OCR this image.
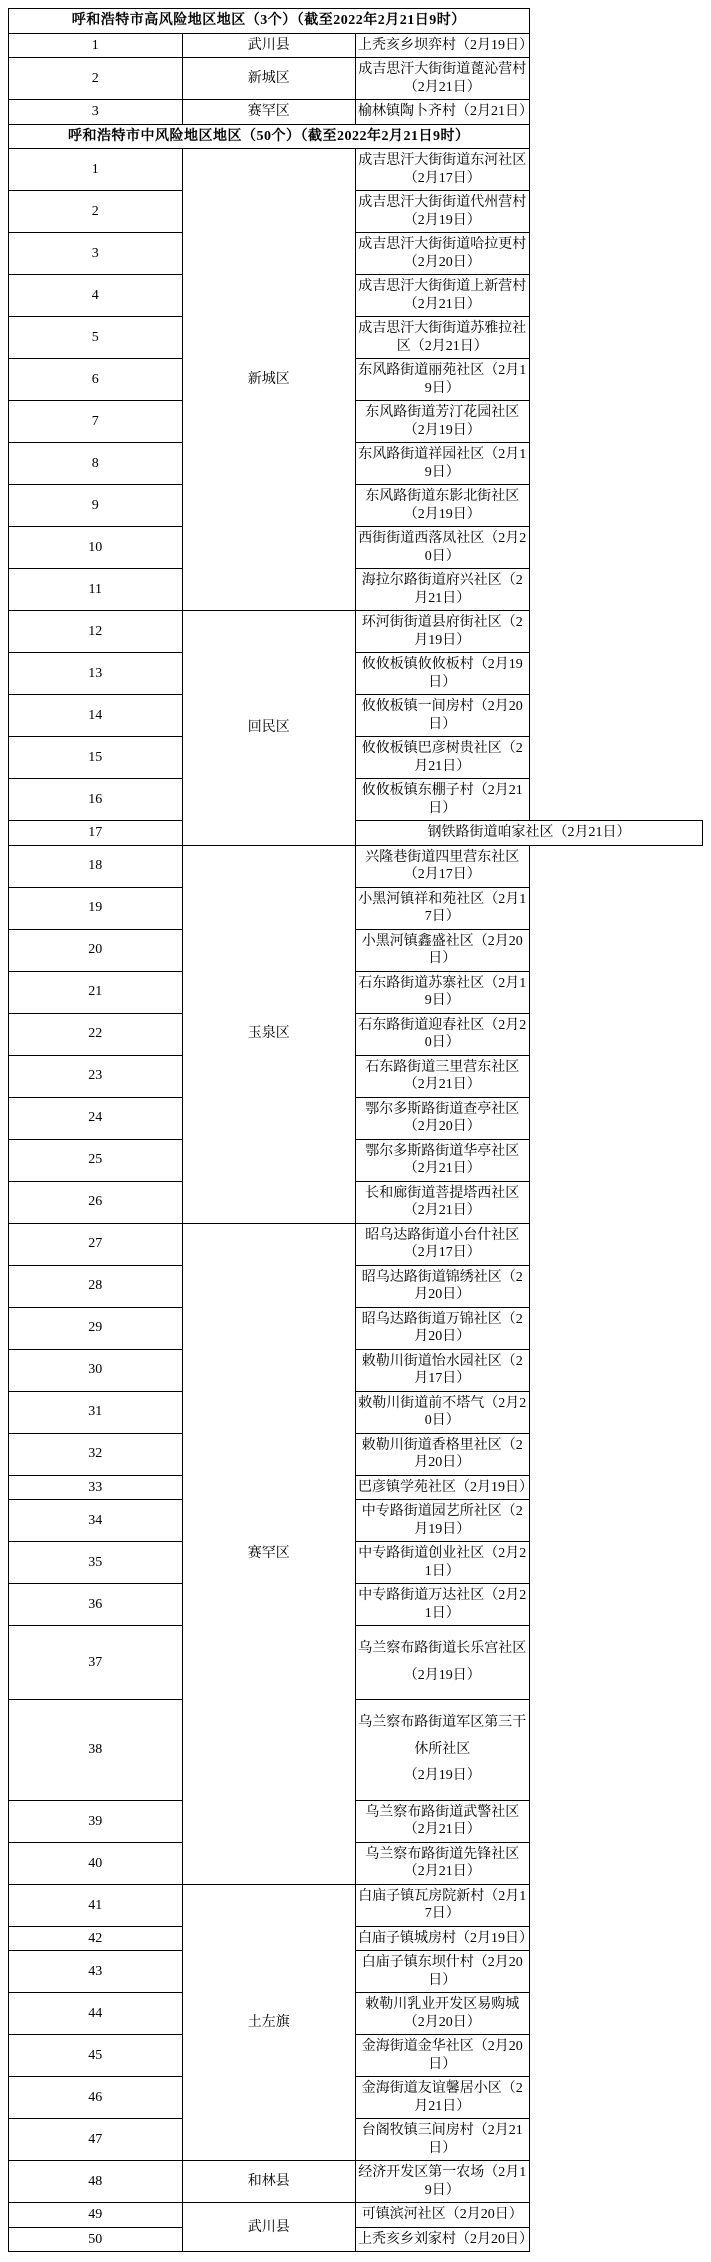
呼和浩特市高风险地区地区（3个）（截至2022年2月21日9时）		
1	武川县	上秃亥乡坝弈村（2月19日）
2	新城区	成吉思汗大街街道蓖沁营村（2月21日）
3	赛罕区	榆林镇陶卜齐村（2月21日）
呼和浩特市中风险地区地区（50个）（截至2022年2月21日9时）		
1	新城区	成吉思汗大街街道东河社区（2月17日）
2		成吉思汗大街街道代州营村（2月19日）
3		成吉思汗大街街道哈拉更村（2月20日）
4		成吉思汗大街街道上新营村（2月21日）
5		成吉思汗大街街道苏雅拉社区（2月21日）
6		东风路街道丽苑社区（2月19日）
7		东风路街道芳汀花园社区（2月19日）
8		东风路街道祥园社区（2月19日）
9		东风路街道东影北街社区（2月19日）
10		西街街道西落凤社区（2月20日）
11		海拉尔路街道府兴社区（2月21日）
12	回民区	环河街街道县府街社区（2月19日）
13		攸攸板镇攸攸板村（2月19日）
14		攸攸板镇一间房村（2月20日）
15		攸攸板镇巴彦树贵社区（2月21日）
16		攸攸板镇东棚子村（2月21日）
17		钢铁路街道咱家社区（2月21日）
18	玉泉区	兴隆巷街道四里营东社区（2月17日）
19		小黑河镇祥和苑社区（2月17日）
20		小黑河镇鑫盛社区（2月20日）
21		石东路街道苏寨社区（2月19日）
22		石东路街道迎春社区（2月20日）
23		石东路街道三里营东社区（2月21日）
24		鄂尔多斯路街道查亭社区（2月20日）
25		鄂尔多斯路街道华亭社区（2月21日）
26		长和廊街道菩提塔西社区（2月21日）
27	赛罕区	昭乌达路街道小台什社区（2月17日）
28		昭乌达路街道锦绣社区（2月20日）
29		昭乌达路街道万锦社区（2月20日）
30		敕勒川街道怡水园社区（2月17日）
31		敕勒川街道前不塔气（2月20日）
32		敕勒川街道香格里社区（2月20日）
33		巴彦镇学苑社区（2月19日）
34		中专路街道园艺所社区（2月19日）
35		中专路街道创业社区（2月21日）
36		中专路街道万达社区（2月21日）
37		乌兰察布路街道长乐宫社区
（2月19日）

38		乌兰察布路街道军区第三干休所社区
（2月19日）

39		乌兰察布路街道武警社区（2月21日）
40		乌兰察布路街道先锋社区（2月21日）
41	土左旗	白庙子镇瓦房院新村（2月17日）
42		白庙子镇城房村（2月19日）
43		白庙子镇东坝什村（2月20日）
44		敕勒川乳业开发区易购城（2月20日）
45		金海街道金华社区（2月20日）
46		金海街道友谊馨居小区（2月21日）
47		台阁牧镇三间房村（2月21日）
48	和林县	经济开发区第一农场（2月19日）
49	武川县	可镇滨河社区（2月20日）
50		上秃亥乡刘家村（2月20日）
